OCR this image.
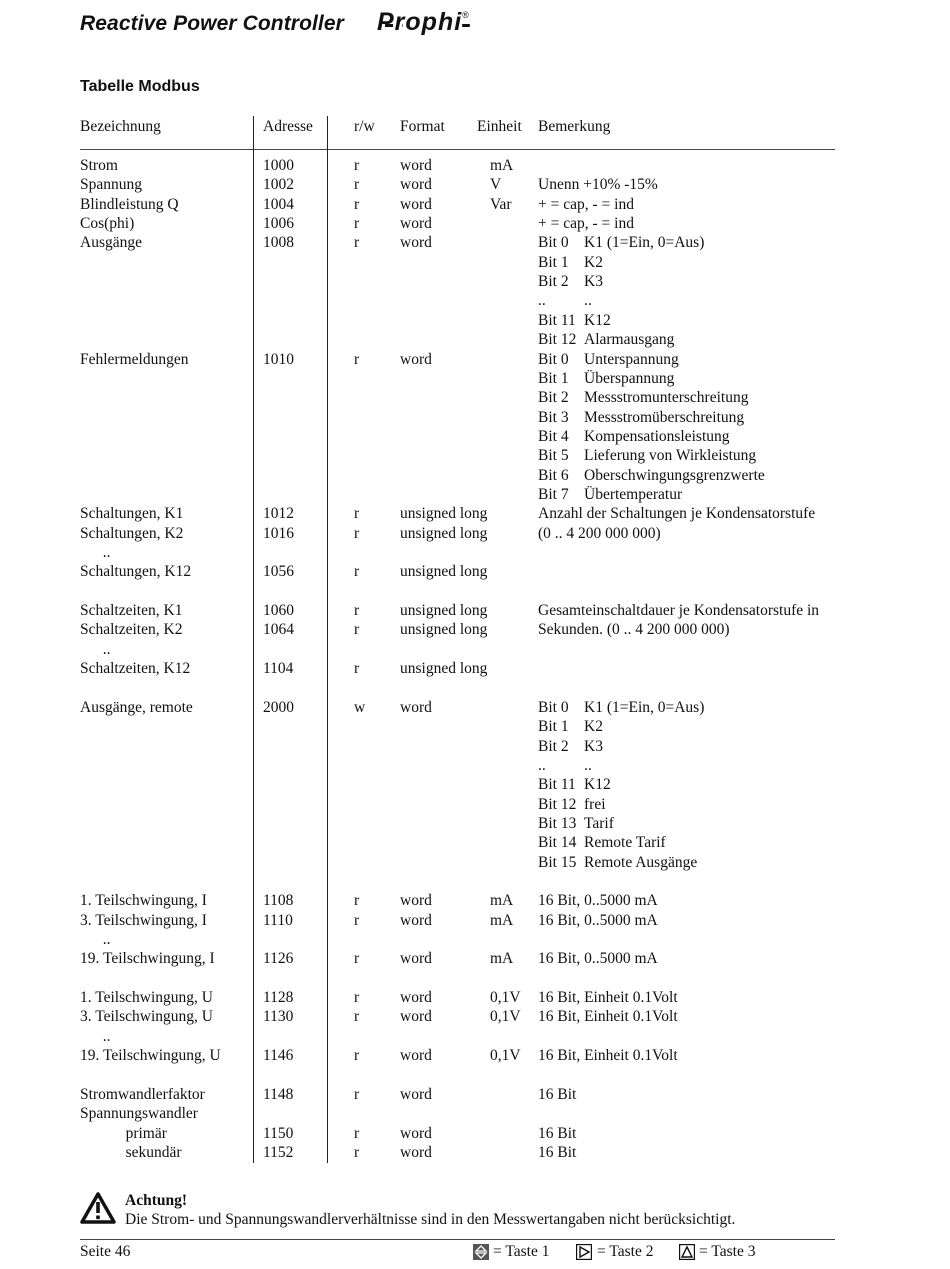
Reactive Power Controller Prophi®
Tabelle Modbus
Bezeichnung	Adresse	r/w Format Einheit Bemerkung
Strom	1000	r	word	mA
Spannung	1002	r	word	V Unenn +10% -15%
Blindleistung Q	1004	r	word	Var + = cap, - = ind
Cos(phi)	1006	r	word	+ = cap, - = ind
Ausgänge	1008	r	word	Bit 0 K1 (1=Ein, 0=Aus)
Bit 1 K2
Bit 2 K3
.. ..
Bit 11 K12
Bit 12 Alarmausgang
Fehlermeldungen	1010	r	word	Bit 0 Unterspannung
Bit 1 Überspannung
Bit 2 Messstromunterschreitung
Bit 3 Messstromüberschreitung
Bit 4 Kompensationsleistung
Bit 5 Lieferung von Wirkleistung
Bit 6 Oberschwingungsgrenzwerte
Bit 7 Übertemperatur
Schaltungen, K1	1012	r	unsigned long	Anzahl der Schaltungen je Kondensatorstufe
Schaltungen, K2	1016	r	unsigned long	(0 .. 4 200 000 000)
..
Schaltungen, K12	1056	r	unsigned long
Schaltzeiten, K1	1060	r	unsigned long	Gesamteinschaltdauer je Kondensatorstufe in
Schaltzeiten, K2	1064	r	unsigned long	Sekunden. (0 .. 4 200 000 000)
..
Schaltzeiten, K12	1104	r	unsigned long
Ausgänge, remote	2000	w word	Bit 0 K1 (1=Ein, 0=Aus)
Bit 1 K2
Bit 2 K3
.. ..
Bit 11 K12
Bit 12 frei
Bit 13 Tarif
Bit 14 Remote Tarif
Bit 15 Remote Ausgänge
1. Teilschwingung, I	1108	r	word	mA 16 Bit, 0..5000 mA
3. Teilschwingung, I	1110	r	word	mA 16 Bit, 0..5000 mA
..
19. Teilschwingung, I	1126	r	word	mA 16 Bit, 0..5000 mA
1. Teilschwingung, U	1128	r	word	0,1V 16 Bit, Einheit 0.1Volt
3. Teilschwingung, U	1130	r	word	0,1V 16 Bit, Einheit 0.1Volt
..
19. Teilschwingung, U	1146	r	word	0,1V 16 Bit, Einheit 0.1Volt
Stromwandlerfaktor	1148	r	word	16 Bit
Spannungswandler
primär	1150	r	word	16 Bit
sekundär	1152	r	word	16 Bit
Achtung!
Die Strom- und Spannungswandlerverhältnisse sind in den Messwertangaben nicht berücksichtigt.
Seite 46	= Taste 1	= Taste 2	= Taste 3
